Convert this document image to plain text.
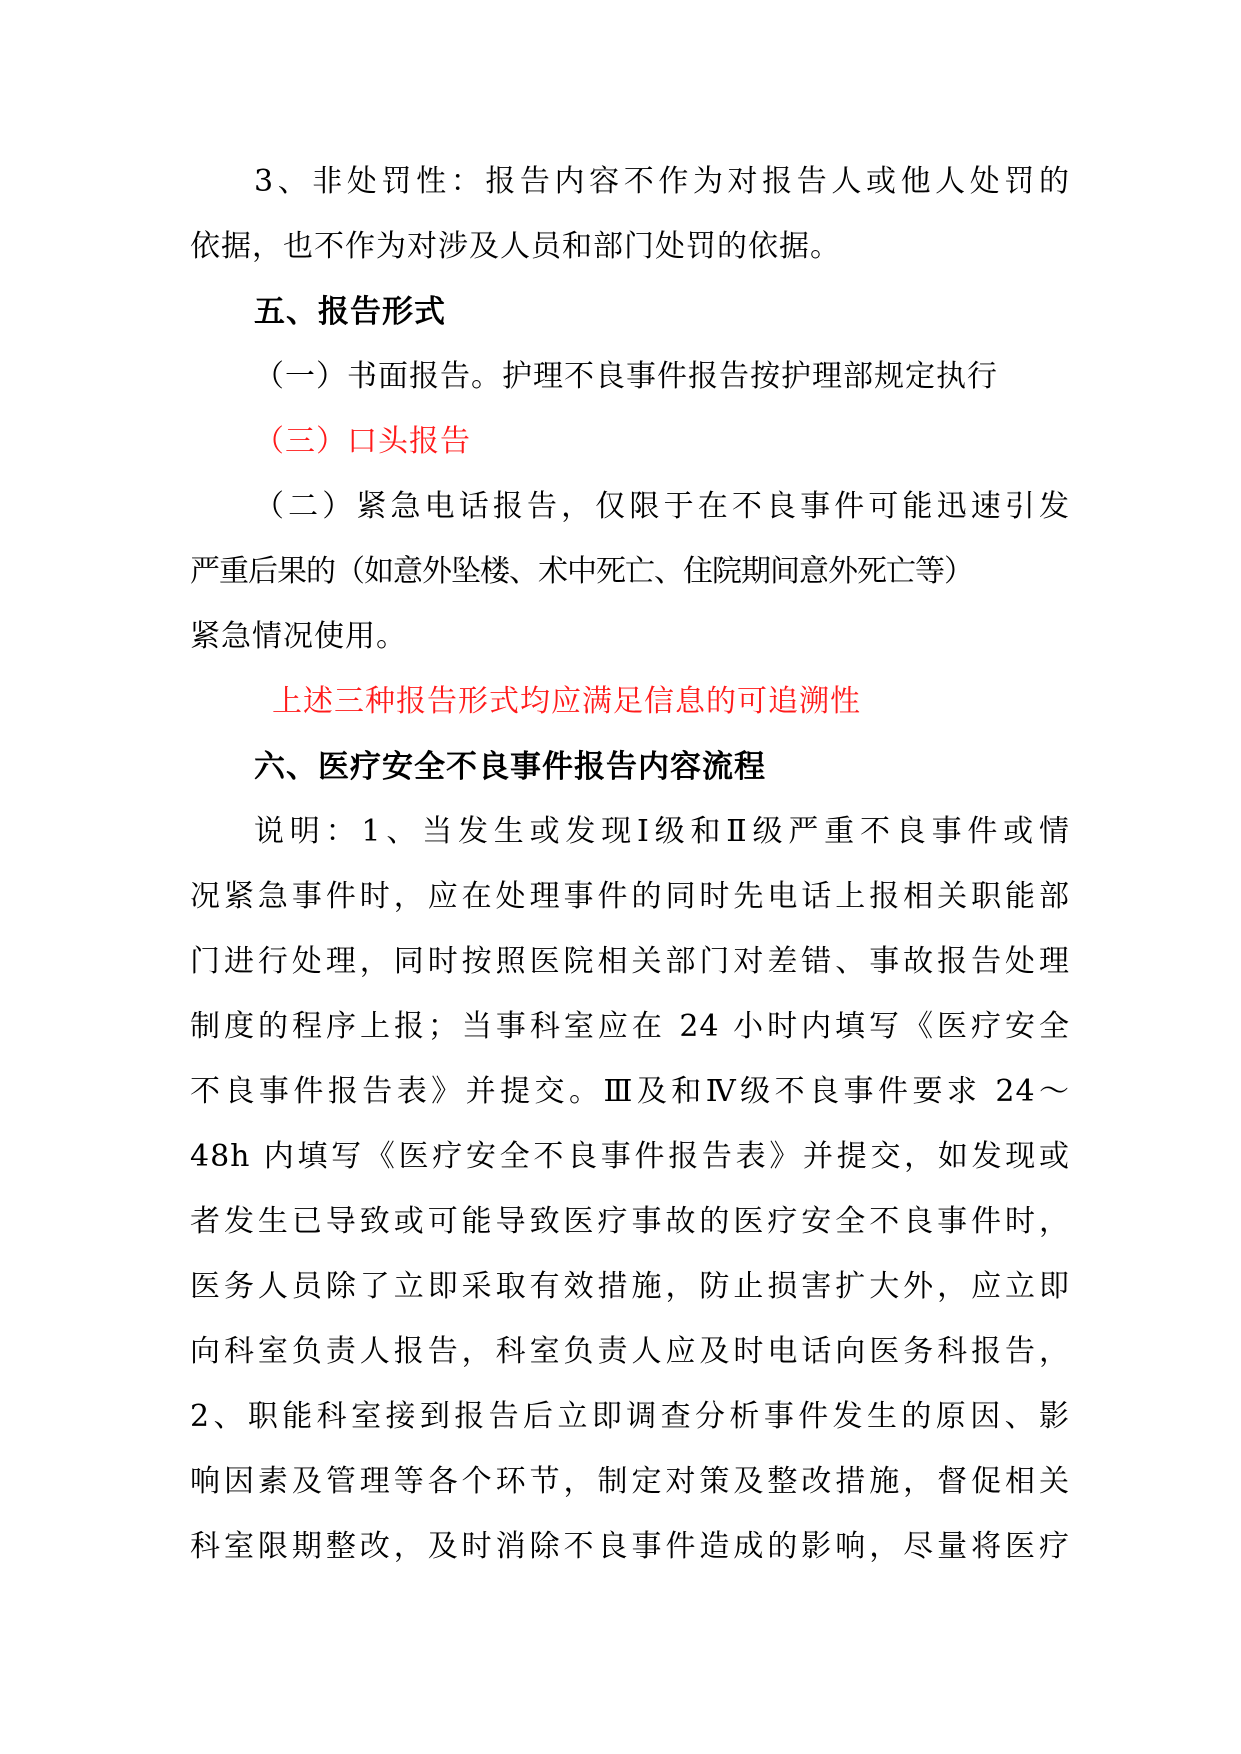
3、非处罚性：报告内容不作为对报告人或他人处罚的
依据，也不作为对涉及人员和部门处罚的依据。
五、报告形式
（一）书面报告。护理不良事件报告按护理部规定执行
（三）口头报告
（二）紧急电话报告，仅限于在不良事件可能迅速引发
严重后果的（如意外坠楼、术中死亡、住院期间意外死亡等）
紧急情况使用。
上述三种报告形式均应满足信息的可追溯性
六、医疗安全不良事件报告内容流程
说明：1、当发生或发现Ⅰ级和Ⅱ级严重不良事件或情
况紧急事件时，应在处理事件的同时先电话上报相关职能部
门进行处理，同时按照医院相关部门对差错、事故报告处理
制度的程序上报；当事科室应在 24 小时内填写《医疗安全
不良事件报告表》并提交。Ⅲ及和Ⅳ级不良事件要求 24～
48h 内填写《医疗安全不良事件报告表》并提交，如发现或
者发生已导致或可能导致医疗事故的医疗安全不良事件时，
医务人员除了立即采取有效措施，防止损害扩大外，应立即
向科室负责人报告，科室负责人应及时电话向医务科报告，
2、职能科室接到报告后立即调查分析事件发生的原因、影
响因素及管理等各个环节，制定对策及整改措施，督促相关
科室限期整改，及时消除不良事件造成的影响，尽量将医疗
